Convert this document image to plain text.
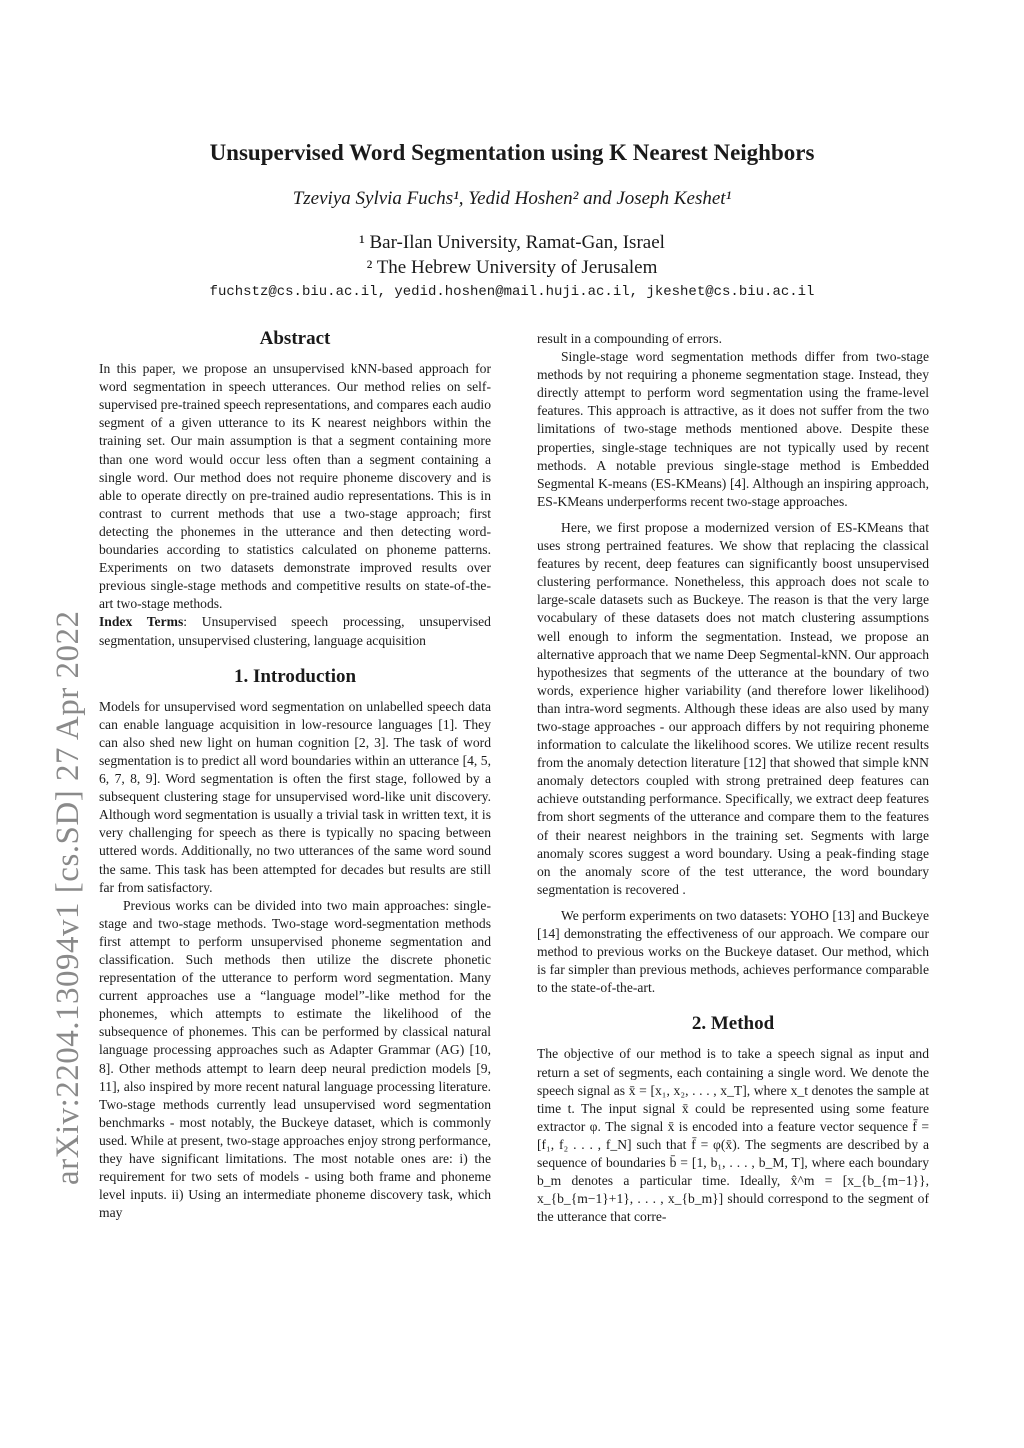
arXiv:2204.13094v1 [cs.SD] 27 Apr 2022
Unsupervised Word Segmentation using K Nearest Neighbors
Tzeviya Sylvia Fuchs¹, Yedid Hoshen² and Joseph Keshet¹
¹ Bar-Ilan University, Ramat-Gan, Israel
² The Hebrew University of Jerusalem
fuchstz@cs.biu.ac.il, yedid.hoshen@mail.huji.ac.il, jkeshet@cs.biu.ac.il
Abstract

In this paper, we propose an unsupervised kNN-based approach for word segmentation in speech utterances. Our method relies on self-supervised pre-trained speech representations, and compares each audio segment of a given utterance to its K nearest neighbors within the training set. Our main assumption is that a segment containing more than one word would occur less often than a segment containing a single word. Our method does not require phoneme discovery and is able to operate directly on pre-trained audio representations. This is in contrast to current methods that use a two-stage approach; first detecting the phonemes in the utterance and then detecting word-boundaries according to statistics calculated on phoneme patterns. Experiments on two datasets demonstrate improved results over previous single-stage methods and competitive results on state-of-the-art two-stage methods.

Index Terms: Unsupervised speech processing, unsupervised segmentation, unsupervised clustering, language acquisition

1. Introduction

Models for unsupervised word segmentation on unlabelled speech data can enable language acquisition in low-resource languages [1]. They can also shed new light on human cognition [2, 3]. The task of word segmentation is to predict all word boundaries within an utterance [4, 5, 6, 7, 8, 9]. Word segmentation is often the first stage, followed by a subsequent clustering stage for unsupervised word-like unit discovery. Although word segmentation is usually a trivial task in written text, it is very challenging for speech as there is typically no spacing between uttered words. Additionally, no two utterances of the same word sound the same. This task has been attempted for decades but results are still far from satisfactory.

Previous works can be divided into two main approaches: single-stage and two-stage methods. Two-stage word-segmentation methods first attempt to perform unsupervised phoneme segmentation and classification. Such methods then utilize the discrete phonetic representation of the utterance to perform word segmentation. Many current approaches use a “language model”-like method for the phonemes, which attempts to estimate the likelihood of the subsequence of phonemes. This can be performed by classical natural language processing approaches such as Adapter Grammar (AG) [10, 8]. Other methods attempt to learn deep neural prediction models [9, 11], also inspired by more recent natural language processing literature. Two-stage methods currently lead unsupervised word segmentation benchmarks - most notably, the Buckeye dataset, which is commonly used. While at present, two-stage approaches enjoy strong performance, they have significant limitations. The most notable ones are: i) the requirement for two sets of models - using both frame and phoneme level inputs. ii) Using an intermediate phoneme discovery task, which may

result in a compounding of errors.

Single-stage word segmentation methods differ from two-stage methods by not requiring a phoneme segmentation stage. Instead, they directly attempt to perform word segmentation using the frame-level features. This approach is attractive, as it does not suffer from the two limitations of two-stage methods mentioned above. Despite these properties, single-stage techniques are not typically used by recent methods. A notable previous single-stage method is Embedded Segmental K-means (ES-KMeans) [4]. Although an inspiring approach, ES-KMeans underperforms recent two-stage approaches.

Here, we first propose a modernized version of ES-KMeans that uses strong pertrained features. We show that replacing the classical features by recent, deep features can significantly boost unsupervised clustering performance. Nonetheless, this approach does not scale to large-scale datasets such as Buckeye. The reason is that the very large vocabulary of these datasets does not match clustering assumptions well enough to inform the segmentation. Instead, we propose an alternative approach that we name Deep Segmental-kNN. Our approach hypothesizes that segments of the utterance at the boundary of two words, experience higher variability (and therefore lower likelihood) than intra-word segments. Although these ideas are also used by many two-stage approaches - our approach differs by not requiring phoneme information to calculate the likelihood scores. We utilize recent results from the anomaly detection literature [12] that showed that simple kNN anomaly detectors coupled with strong pretrained deep features can achieve outstanding performance. Specifically, we extract deep features from short segments of the utterance and compare them to the features of their nearest neighbors in the training set. Segments with large anomaly scores suggest a word boundary. Using a peak-finding stage on the anomaly score of the test utterance, the word boundary segmentation is recovered .

We perform experiments on two datasets: YOHO [13] and Buckeye [14] demonstrating the effectiveness of our approach. We compare our method to previous works on the Buckeye dataset. Our method, which is far simpler than previous methods, achieves performance comparable to the state-of-the-art.

2. Method

The objective of our method is to take a speech signal as input and return a set of segments, each containing a single word. We denote the speech signal as x̄ = [x₁, x₂, . . . , x_T], where x_t denotes the sample at time t. The input signal x̄ could be represented using some feature extractor φ. The signal x̄ is encoded into a feature vector sequence f̄ = [f₁, f₂ . . . , f_N] such that f̄ = φ(x̄). The segments are described by a sequence of boundaries b̄ = [1, b₁, . . . , b_M, T], where each boundary b_m denotes a particular time. Ideally, x̂^m = [x_{b_{m−1}}, x_{b_{m−1}+1}, . . . , x_{b_m}] should correspond to the segment of the utterance that corre-
